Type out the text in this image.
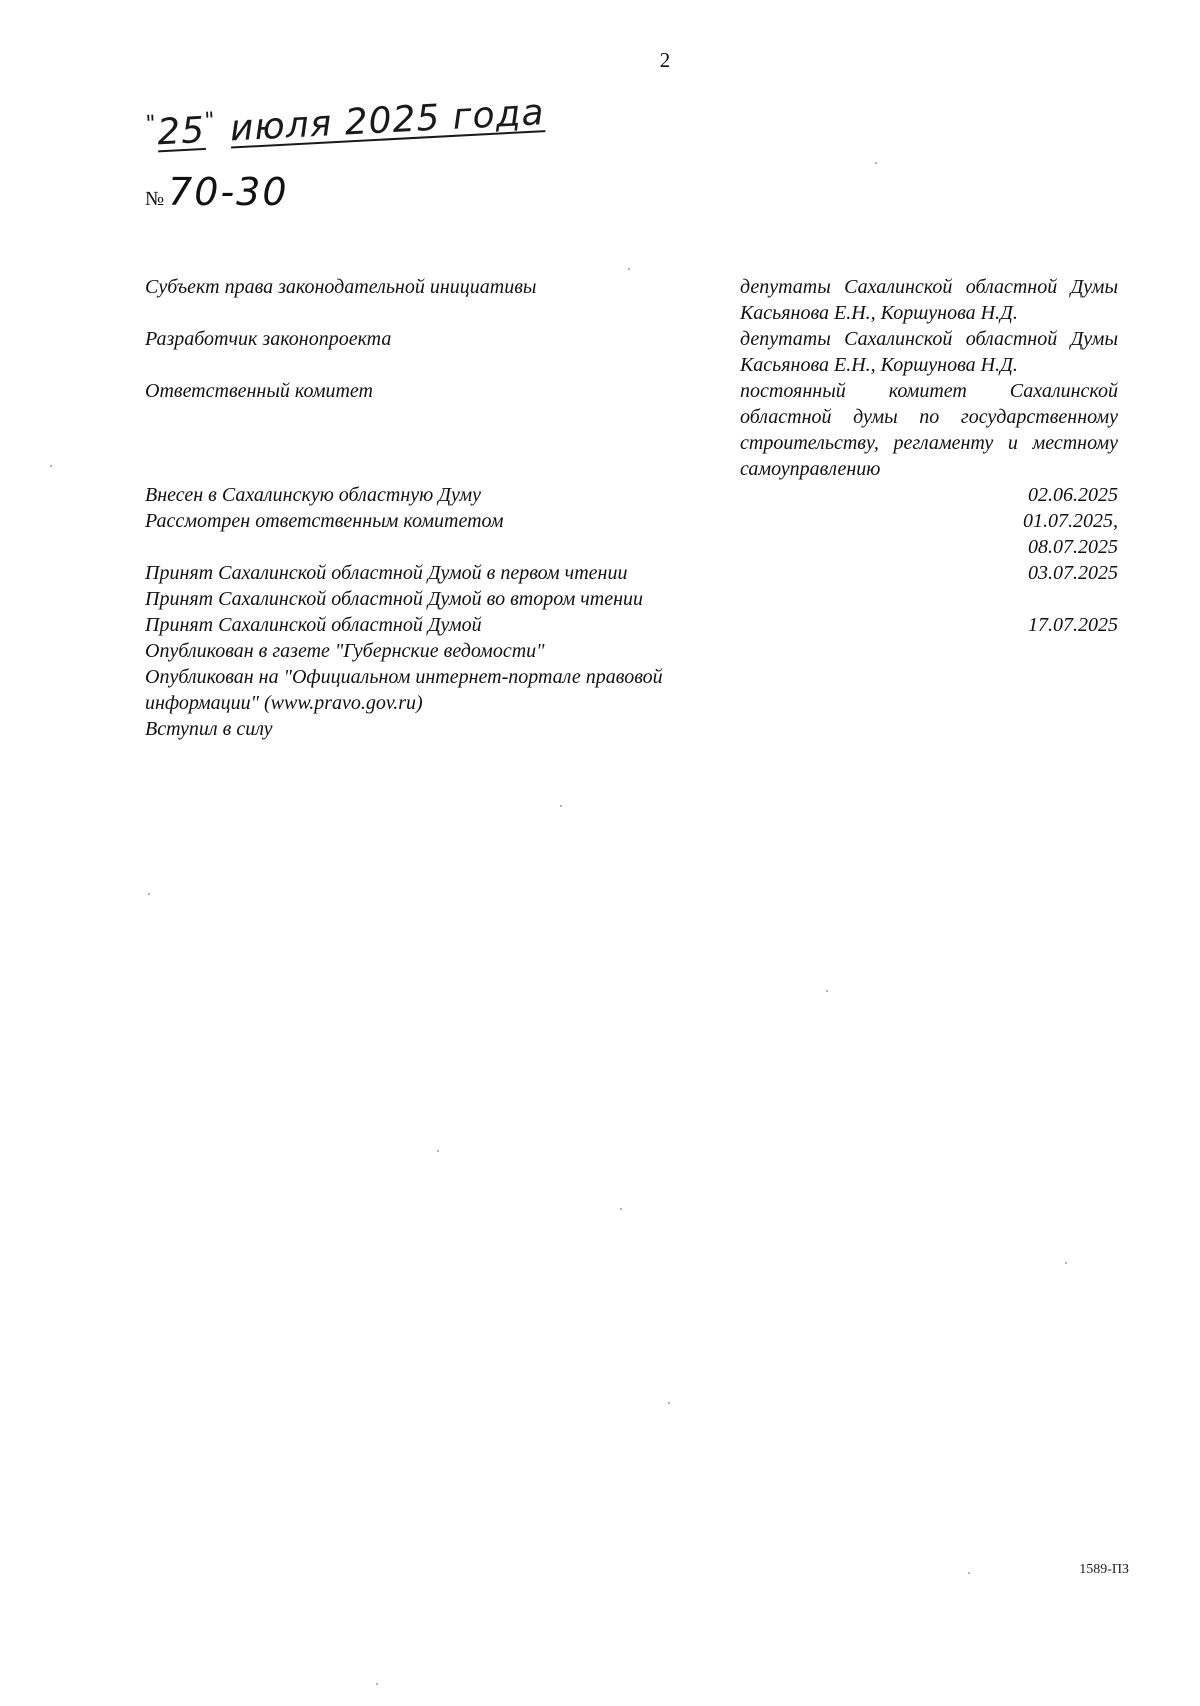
2
"25" июля 2025 года
№ 70-30
Субъект права законодательной инициативы	депутаты Сахалинской областной Думы Касьянова Е.Н., Коршунова Н.Д.
Разработчик законопроекта	депутаты Сахалинской областной Думы Касьянова Е.Н., Коршунова Н.Д.
Ответственный комитет	постоянный комитет Сахалинской областной думы по государственному строительству, регламенту и местному самоуправлению
Внесен в Сахалинскую областную Думу	02.06.2025
Рассмотрен ответственным комитетом	01.07.2025, 08.07.2025
Принят Сахалинской областной Думой в первом чтении	03.07.2025
Принят Сахалинской областной Думой во втором чтении
Принят Сахалинской областной Думой	17.07.2025
Опубликован в газете "Губернские ведомости"
Опубликован на "Официальном интернет-портале правовой информации" (www.pravo.gov.ru)
Вступил в силу
1589-ПЗ
